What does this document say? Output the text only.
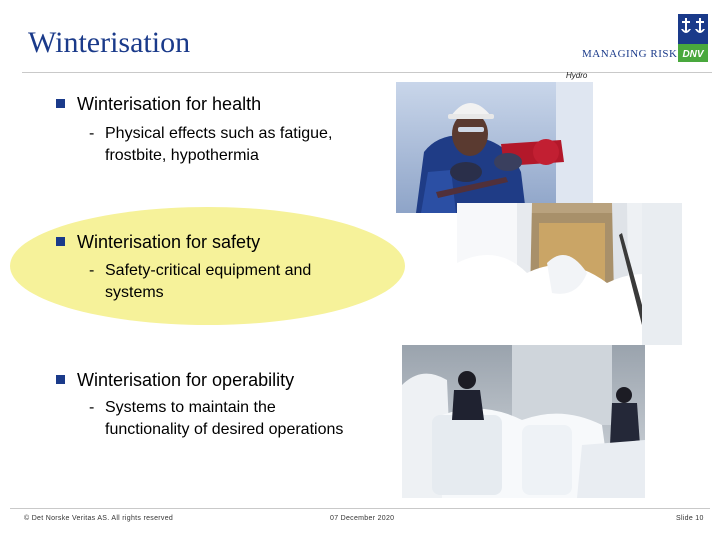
Winterisation	MANAGING RISK DNV
Hydro
Winterisation for health
- Physical effects such as fatigue,
frostbite, hypothermia
Winterisation for safety
- Safety-critical equipment and
systems
Winterisation for operability
- Systems to maintain the
functionality of desired operations
© Det Norske Veritas AS. All rights reserved	07 December 2020	Slide 10
